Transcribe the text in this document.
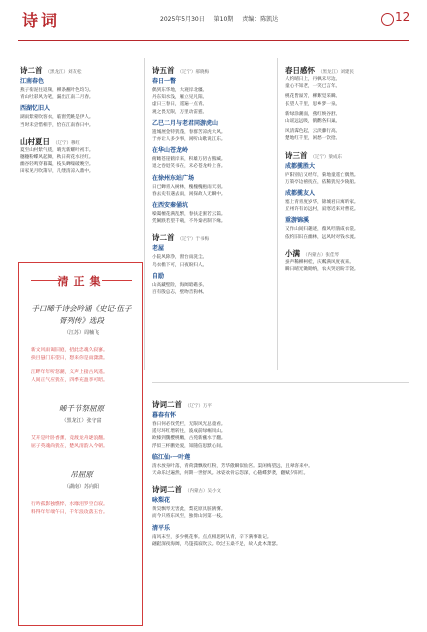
诗词	2025年5月30日 第10期 责编：陈凯达	12
诗二首 （黑龙江）刘友松
江南春色
燕子衔泥往返频，柳条蘸叶色均匀。
青山吐彩风为笔，漏出江南二月春。
西湖忆旧人
湖雨紫蒙吹客衣，临窗凭眺是伊人。
当时未尝惜相手，恰在江南春日中。
山村夏日 （辽宁）穆红
夏至山村紫气绕，晴光新耀叶初丰。
穗穗粉蝶风起舞，秋日荷花水径红。
幽谷轻鸣穿暮霭，枝头蝉噪破晚空。
田家见月吹箫早，几缕清凉入鼎中。
诗五首 （辽宁）郝晓梅
春日一瞥
偶到东华地，大观岸北疆。
丹东知水浅，雁立见凡阳。
虚日三春日，遥遍一点青。
观之畏无限，万里动雷霆。
乙巳二月与老君同游虎山
遗城展金特犹蓬，春群苦凉虎大风。
于亦让人多少事，闲听山歌说江东。
在华山苍龙岭
俯瞰苍崖鹤岸来，积雄万仞古熊臧。
退之卷退笑书在，未必苍龙岭上喜。
在徐州东站广场
日已蝉青入树林，槐槐槐袍雨天羽。
春去史有遇去雨，闲探故人无瞬中。
在西安秦俑坑
噪霭檀花满乱繁，春扶走蜜若云篇。
凭阑跌若望千载，不外秦君制下缘。
诗二首 （辽宁）于书梅
老屋
小院风除净，窗台雨洗尘。
乌衣檐下可，日夜盼归人。
自励
山高藏壁险，海阔暗礁多。
百有殷总志，壁吻音狗林。
春日感怀 （黑龙江）刘建民
人约晴日上，丹枫未尽边。
童心不知老，一笑已言年。
桃花皆溢芳，柳絮觉采瞬。
长望人千里，思乡梦一泉。
新绿涂潮面，燕红焕谷舒。
山谣远远吸，鹤鹳各归巢。
风清霁色起，云淡藤行高。
楚地红千里，闲愁一饮拾。
诗三首 （辽宁）梁成东
成都揽胜大
庐阳别后又经年，菊地童遥亡偶然。
万策亭边禧抚在，依稀犹见少陵船。
成都揽友人
塞上青青度岁华，锦城君日寓昕家。
丘州许有访远村，寂寒近来对曹花。
重游锦溪
又作山间归趣迹，薇风吁鹃咸衣裳。
依约旧识在幽林，远风时对钱水流。
小满 （内蒙古）张佳琴
蚕声稀柳柯桂，庆粼满风度夜来。
瞬日晴光锄锄纳，农夫哭语盼丰饶。
诗词二首 （辽宁）万平
暮春有怀
春日何必伐凭栏，无限风光总童看。
遥尽环红增转往，波成前绿崛岚山。
欧榛到魏樱桃嫩，古苑新蘸水于翻。
浮似三杯鹏处爱，知随信思默心间。
临江仙·一叶莲
清水放身叶落，青荷潇飘收红粉，芳华傲瞬似仙宮。渠闲梅望远，且翠客来中。
天命乐过遍然，何期一世舒风。冰姿欢骨忘怨深，心随蝶梦袭，翻赋夕阳红。
诗词二首 （内蒙古）吴小文
咏梨花
黄昊飘琴无害此，梨花原具脏鸥雾。
而今只将东风至，独倚山河第一枝。
清平乐
南风末至，多少桃花事。点点相思阿从青，辛下满事谁记。
翩跹深夜海阔，乌篷孤寂吹云。吹过玉桑不足，故人此木萧瑟。
清正集
手口晞千诗会吟诵《史记·伍子胥列传》选段
（江苏）周楠飞
新文风雨谒旧庭，招此忠魂久寂寥。
抉目悬门东望日，想来你是雨潇潇。
江畔年年听怒潮，义声上接古风遥。
人间正气应犹在，四季充盈李可昭。
晞千节祭屈原
（黑龙江）张守富
艾开是叶卧香薰，竞渡龙舟逐浪翻。
屈子英魂尚犹在，楚风清韵入今朝。
吊屈原
（湖南）苏向阳
行吟孤影独憔悴，水靡泪罗空自寂。
料得年年端午日，千年浪攻落玉台。
